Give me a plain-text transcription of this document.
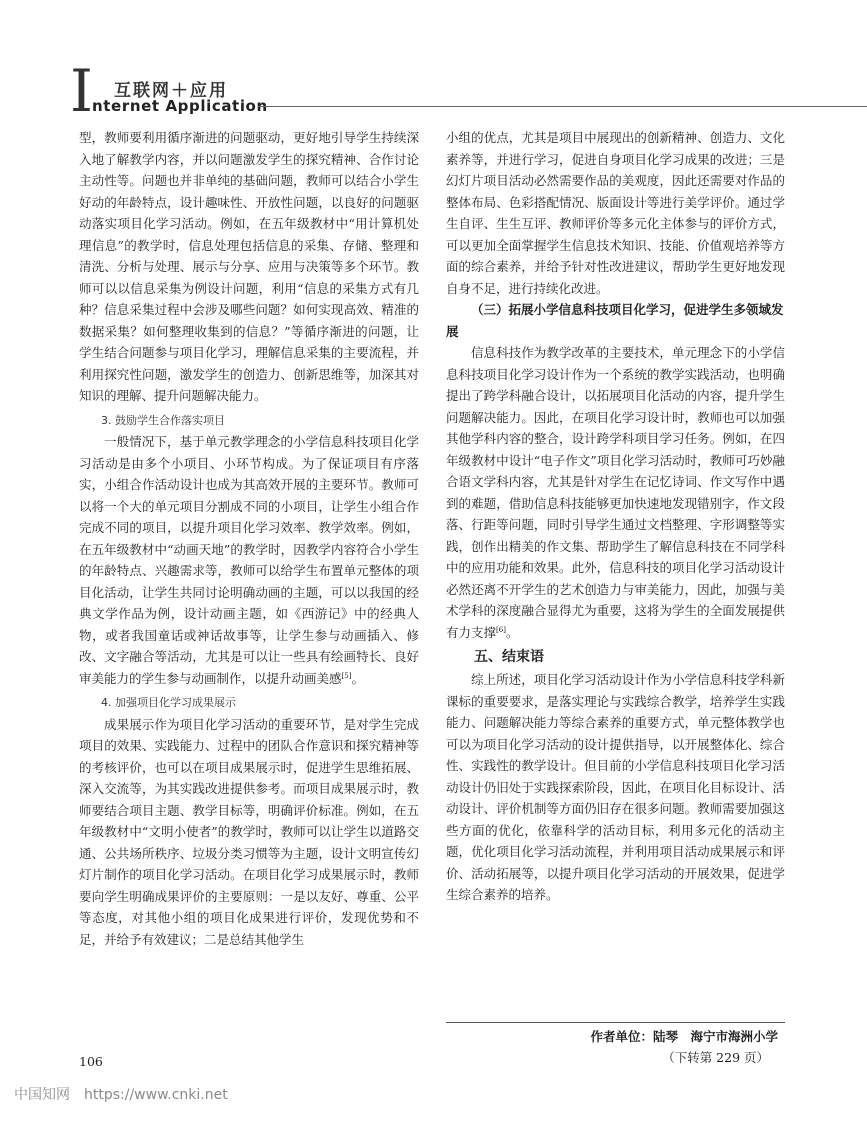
I 互联网＋应用
nternet Application

型，教师要利用循序渐进的问题驱动，更好地引导学生持续深入地了解教学内容，并以问题激发学生的探究精神、合作讨论主动性等。问题也并非单纯的基础问题，教师可以结合小学生好动的年龄特点，设计趣味性、开放性问题，以良好的问题驱动落实项目化学习活动。例如，在五年级教材中“用计算机处理信息”的教学时，信息处理包括信息的采集、存储、整理和清洗、分析与处理、展示与分享、应用与决策等多个环节。教师可以以信息采集为例设计问题，利用“信息的采集方式有几种？信息采集过程中会涉及哪些问题？如何实现高效、精准的数据采集？如何整理收集到的信息？”等循序渐进的问题，让学生结合问题参与项目化学习，理解信息采集的主要流程，并利用探究性问题，激发学生的创造力、创新思维等，加深其对知识的理解、提升问题解决能力。

3. 鼓励学生合作落实项目

一般情况下，基于单元教学理念的小学信息科技项目化学习活动是由多个小项目、小环节构成。为了保证项目有序落实，小组合作活动设计也成为其高效开展的主要环节。教师可以将一个大的单元项目分割成不同的小项目，让学生小组合作完成不同的项目，以提升项目化学习效率、教学效率。例如，在五年级教材中“动画天地”的教学时，因教学内容符合小学生的年龄特点、兴趣需求等，教师可以给学生布置单元整体的项目化活动，让学生共同讨论明确动画的主题，可以以我国的经典文学作品为例，设计动画主题，如《西游记》中的经典人物，或者我国童话或神话故事等，让学生参与动画插入、修改、文字融合等活动，尤其是可以让一些具有绘画特长、良好审美能力的学生参与动画制作，以提升动画美感[5]。

4. 加强项目化学习成果展示

成果展示作为项目化学习活动的重要环节，是对学生完成项目的效果、实践能力、过程中的团队合作意识和探究精神等的考核评价，也可以在项目成果展示时，促进学生思维拓展、深入交流等，为其实践改进提供参考。而项目成果展示时，教师要结合项目主题、教学目标等，明确评价标准。例如，在五年级教材中“文明小使者”的教学时，教师可以让学生以道路交通、公共场所秩序、垃圾分类习惯等为主题，设计文明宣传幻灯片制作的项目化学习活动。在项目化学习成果展示时，教师要向学生明确成果评价的主要原则：一是以友好、尊重、公平等态度，对其他小组的项目化成果进行评价，发现优势和不足，并给予有效建议；二是总结其他学生

小组的优点，尤其是项目中展现出的创新精神、创造力、文化素养等，并进行学习，促进自身项目化学习成果的改进；三是幻灯片项目活动必然需要作品的美观度，因此还需要对作品的整体布局、色彩搭配情况、版面设计等进行美学评价。通过学生自评、生生互评、教师评价等多元化主体参与的评价方式，可以更加全面掌握学生信息技术知识、技能、价值观培养等方面的综合素养，并给予针对性改进建议，帮助学生更好地发现自身不足，进行持续化改进。

（三）拓展小学信息科技项目化学习，促进学生多领域发展

信息科技作为教学改革的主要技术，单元理念下的小学信息科技项目化学习设计作为一个系统的教学实践活动，也明确提出了跨学科融合设计，以拓展项目化活动的内容，提升学生问题解决能力。因此，在项目化学习设计时，教师也可以加强其他学科内容的整合，设计跨学科项目学习任务。例如，在四年级教材中设计“电子作文”项目化学习活动时，教师可巧妙融合语文学科内容，尤其是针对学生在记忆诗词、作文写作中遇到的难题，借助信息科技能够更加快速地发现错别字，作文段落、行距等问题，同时引导学生通过文档整理、字形调整等实践，创作出精美的作文集、帮助学生了解信息科技在不同学科中的应用功能和效果。此外，信息科技的项目化学习活动设计必然还离不开学生的艺术创造力与审美能力，因此，加强与美术学科的深度融合显得尤为重要，这将为学生的全面发展提供有力支撑[6]。

五、结束语

综上所述，项目化学习活动设计作为小学信息科技学科新课标的重要要求，是落实理论与实践综合教学，培养学生实践能力、问题解决能力等综合素养的重要方式，单元整体教学也可以为项目化学习活动的设计提供指导，以开展整体化、综合性、实践性的教学设计。但目前的小学信息科技项目化学习活动设计仍旧处于实践探索阶段，因此，在项目化目标设计、活动设计、评价机制等方面仍旧存在很多问题。教师需要加强这些方面的优化，依靠科学的活动目标，利用多元化的活动主题，优化项目化学习活动流程，并利用项目活动成果展示和评价、活动拓展等，以提升项目化学习活动的开展效果，促进学生综合素养的培养。

作者单位：陆琴　海宁市海洲小学
（下转第 229 页）
106
中国知网 https://www.cnki.net
